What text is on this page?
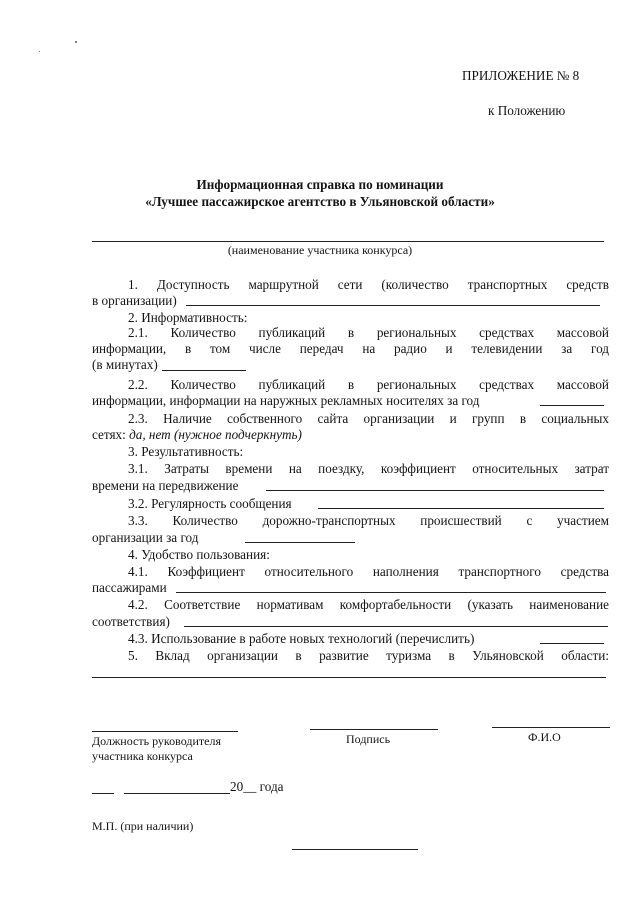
ПРИЛОЖЕНИЕ № 8
к Положению
Информационная справка по номинации
«Лучшее пассажирское агентство в Ульяновской области»
(наименование участника конкурса)
1. Доступность маршрутной сети (количество транспортных средств
в организации)
2. Информативность:
2.1. Количество публикаций в региональных средствах массовой
информации, в том числе передач на радио и телевидении за год
(в минутах)
2.2. Количество публикаций в региональных средствах массовой
информации, информации на наружных рекламных носителях за год
2.3. Наличие собственного сайта организации и групп в социальных
сетях: да, нет (нужное подчеркнуть)
3. Результативность:
3.1. Затраты времени на поездку, коэффициент относительных затрат
времени на передвижение
3.2. Регулярность сообщения
3.3. Количество дорожно-транспортных происшествий с участием
организации за год
4. Удобство пользования:
4.1. Коэффициент относительного наполнения транспортного средства
пассажирами
4.2. Соответствие нормативам комфортабельности (указать наименование
соответствия)
4.3. Использование в работе новых технологий (перечислить)
5. Вклад организации в развитие туризма в Ульяновской области:
Должность руководителя
участника конкурса
Подпись	Ф.И.О
20__ года
М.П. (при наличии)
